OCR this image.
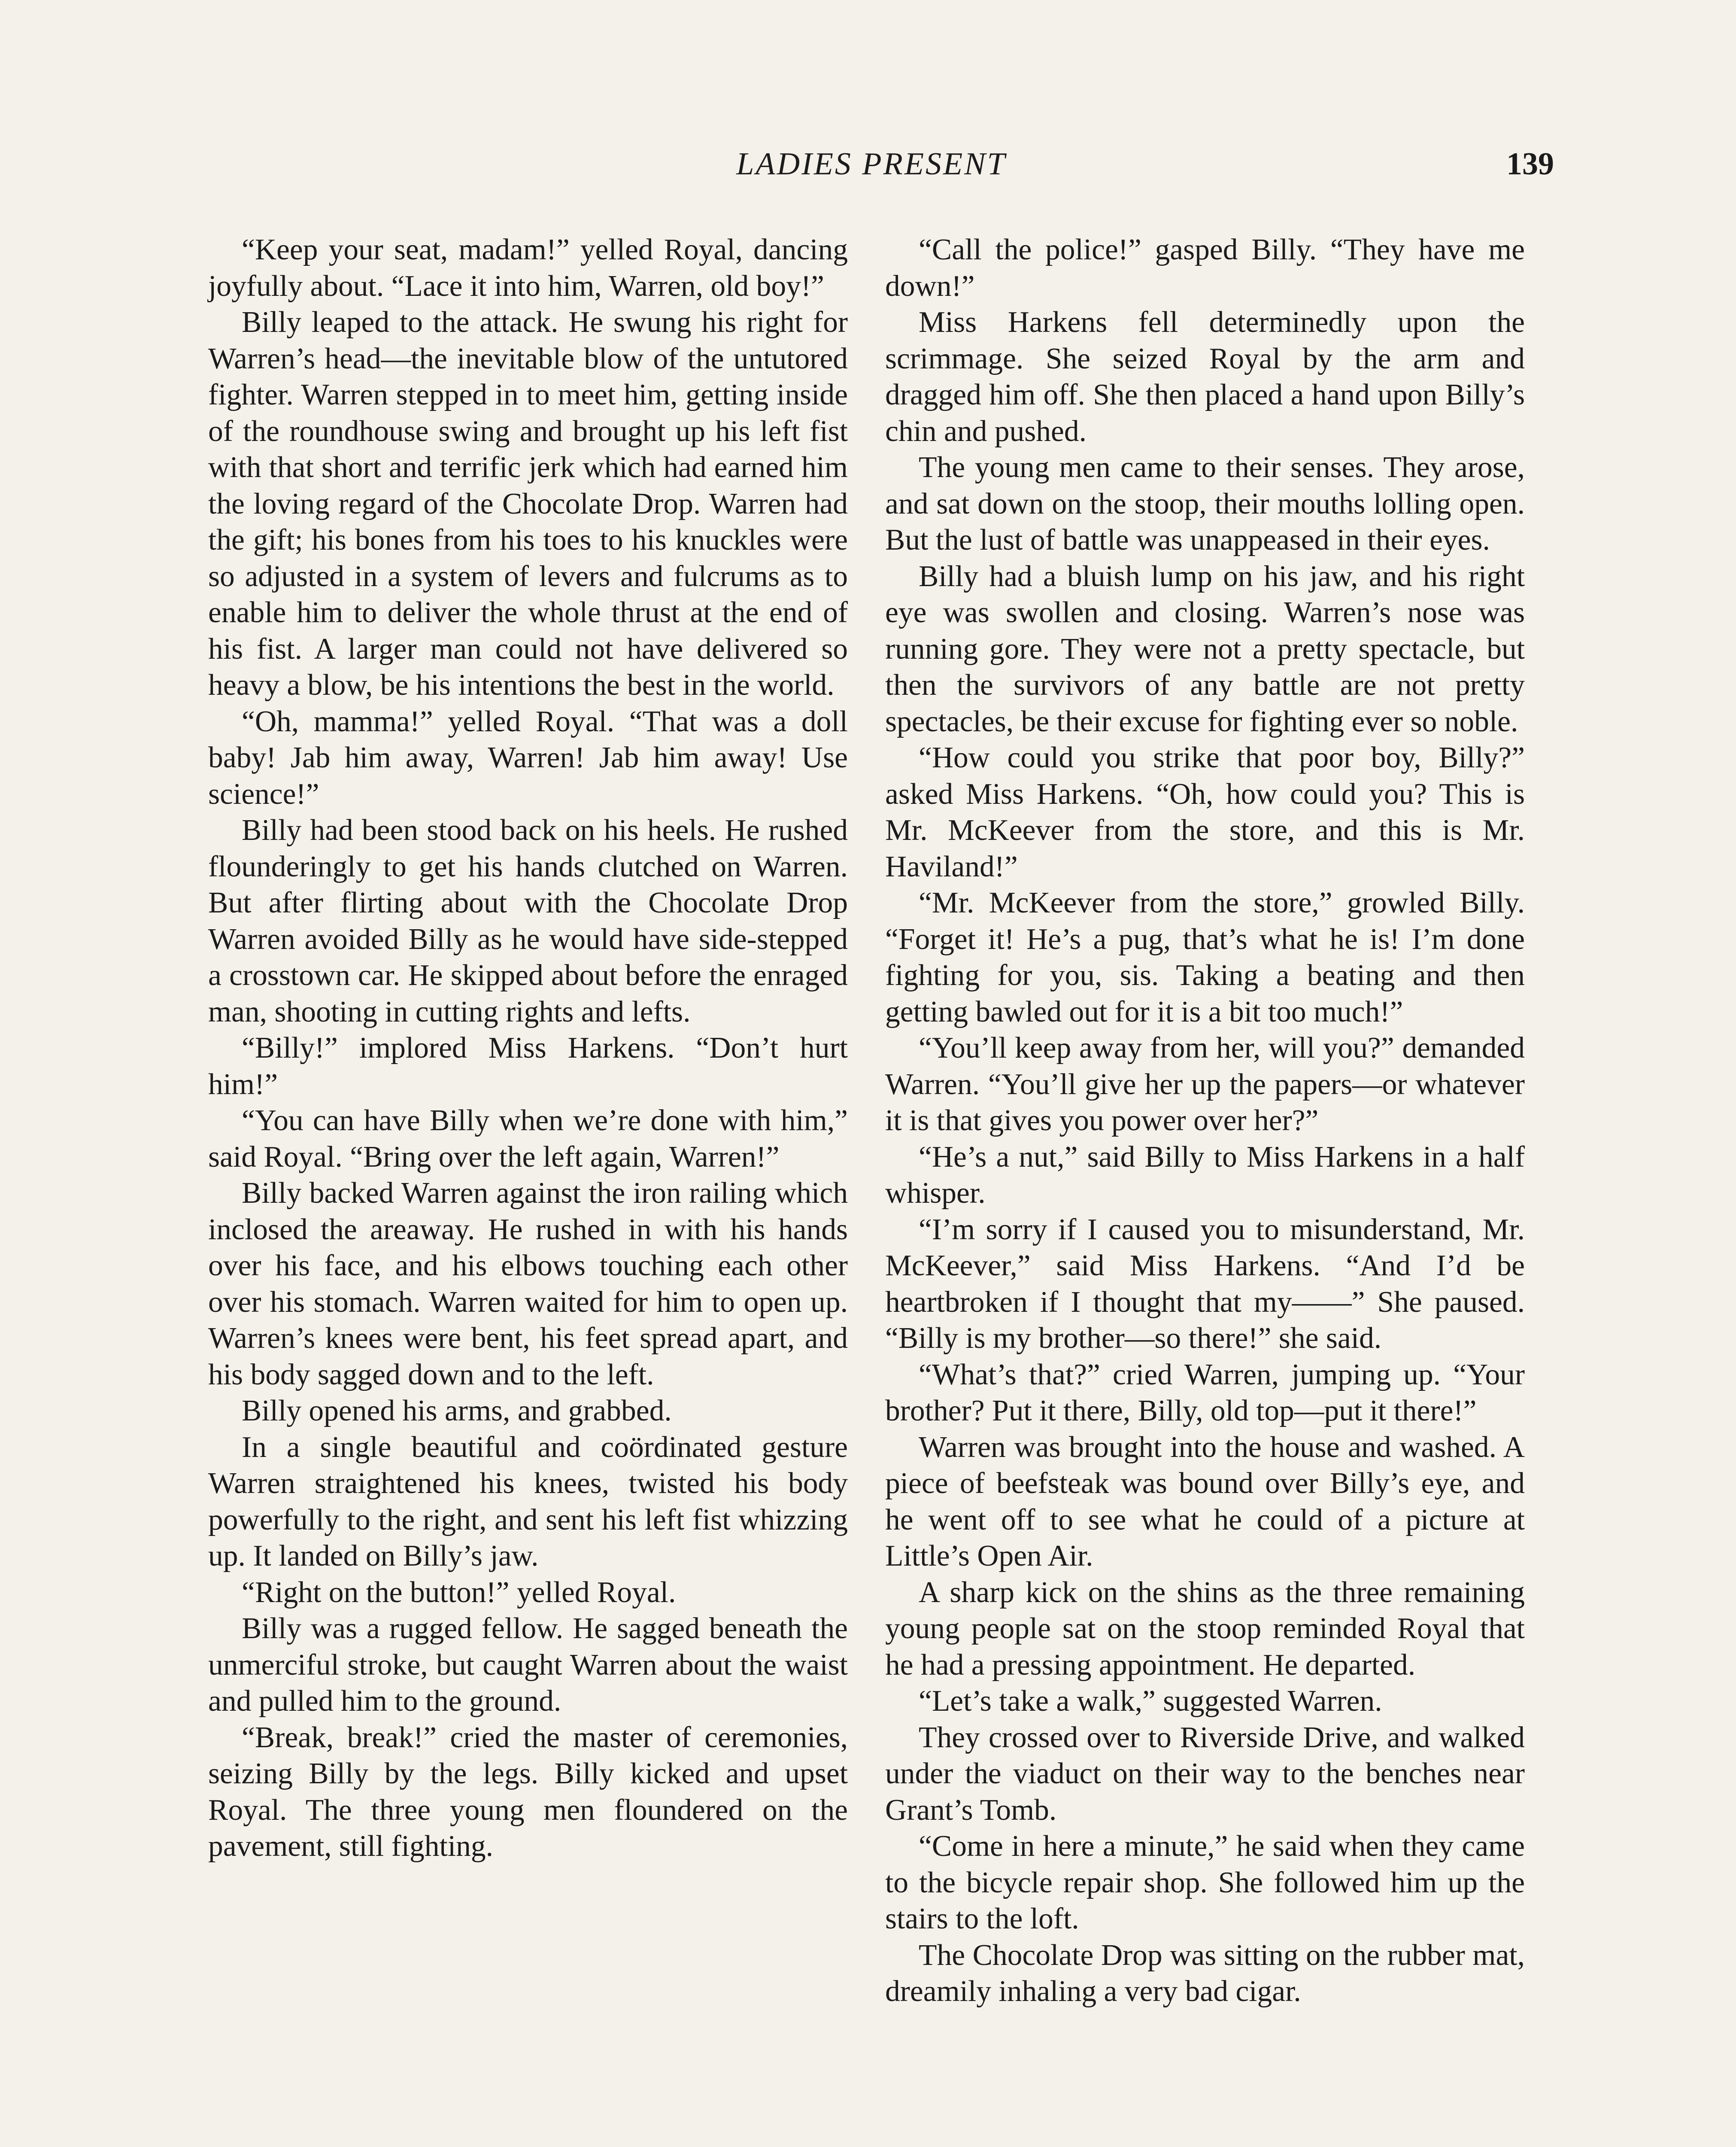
LADIES PRESENT	139

“Keep your seat, madam!” yelled Royal, dancing joyfully about. “Lace it into him, Warren, old boy!”

Billy leaped to the attack. He swung his right for Warren’s head—the inevitable blow of the untutored fighter. Warren stepped in to meet him, getting inside of the roundhouse swing and brought up his left fist with that short and terrific jerk which had earned him the loving regard of the Chocolate Drop. Warren had the gift; his bones from his toes to his knuckles were so adjusted in a system of levers and fulcrums as to enable him to deliver the whole thrust at the end of his fist. A larger man could not have delivered so heavy a blow, be his intentions the best in the world.

“Oh, mamma!” yelled Royal. “That was a doll baby! Jab him away, Warren! Jab him away! Use science!”

Billy had been stood back on his heels. He rushed flounderingly to get his hands clutched on Warren. But after flirting about with the Chocolate Drop Warren avoided Billy as he would have side-stepped a crosstown car. He skipped about before the enraged man, shooting in cutting rights and lefts.

“Billy!” implored Miss Harkens. “Don’t hurt him!”

“You can have Billy when we’re done with him,” said Royal. “Bring over the left again, Warren!”

Billy backed Warren against the iron railing which inclosed the areaway. He rushed in with his hands over his face, and his elbows touching each other over his stomach. Warren waited for him to open up. Warren’s knees were bent, his feet spread apart, and his body sagged down and to the left.

Billy opened his arms, and grabbed.

In a single beautiful and coördinated gesture Warren straightened his knees, twisted his body powerfully to the right, and sent his left fist whizzing up. It landed on Billy’s jaw.

“Right on the button!” yelled Royal.

Billy was a rugged fellow. He sagged beneath the unmerciful stroke, but caught Warren about the waist and pulled him to the ground.

“Break, break!” cried the master of ceremonies, seizing Billy by the legs. Billy kicked and upset Royal. The three young men floundered on the pavement, still fighting.

“Call the police!” gasped Billy. “They have me down!”

Miss Harkens fell determinedly upon the scrimmage. She seized Royal by the arm and dragged him off. She then placed a hand upon Billy’s chin and pushed.

The young men came to their senses. They arose, and sat down on the stoop, their mouths lolling open. But the lust of battle was unappeased in their eyes.

Billy had a bluish lump on his jaw, and his right eye was swollen and closing. Warren’s nose was running gore. They were not a pretty spectacle, but then the survivors of any battle are not pretty spectacles, be their excuse for fighting ever so noble.

“How could you strike that poor boy, Billy?” asked Miss Harkens. “Oh, how could you? This is Mr. McKeever from the store, and this is Mr. Haviland!”

“Mr. McKeever from the store,” growled Billy. “Forget it! He’s a pug, that’s what he is! I’m done fighting for you, sis. Taking a beating and then getting bawled out for it is a bit too much!”

“You’ll keep away from her, will you?” demanded Warren. “You’ll give her up the papers—or whatever it is that gives you power over her?”

“He’s a nut,” said Billy to Miss Harkens in a half whisper.

“I’m sorry if I caused you to misunderstand, Mr. McKeever,” said Miss Harkens. “And I’d be heartbroken if I thought that my——” She paused. “Billy is my brother—so there!” she said.

“What’s that?” cried Warren, jumping up. “Your brother? Put it there, Billy, old top—put it there!”

Warren was brought into the house and washed. A piece of beefsteak was bound over Billy’s eye, and he went off to see what he could of a picture at Little’s Open Air.

A sharp kick on the shins as the three remaining young people sat on the stoop reminded Royal that he had a pressing appointment. He departed.

“Let’s take a walk,” suggested Warren.

They crossed over to Riverside Drive, and walked under the viaduct on their way to the benches near Grant’s Tomb.

“Come in here a minute,” he said when they came to the bicycle repair shop. She followed him up the stairs to the loft.

The Chocolate Drop was sitting on the rubber mat, dreamily inhaling a very bad cigar.
